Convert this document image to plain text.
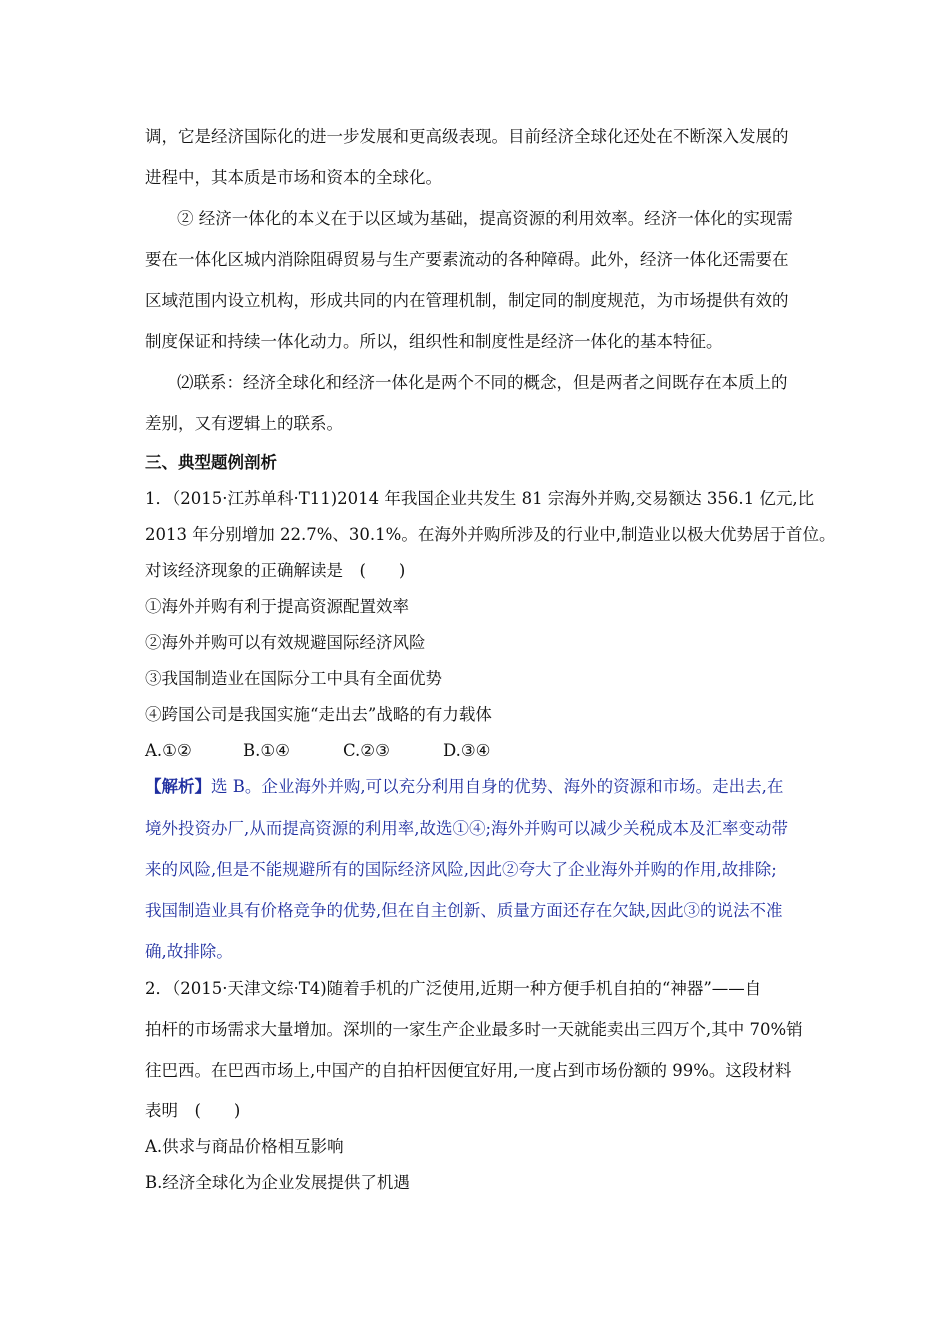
调，它是经济国际化的进一步发展和更高级表现。目前经济全球化还处在不断深入发展的
进程中，其本质是市场和资本的全球化。
② 经济一体化的本义在于以区域为基础，提高资源的利用效率。经济一体化的实现需
要在一体化区城内消除阻碍贸易与生产要素流动的各种障碍。此外，经济一体化还需要在
区域范围内设立机构，形成共同的内在管理机制，制定同的制度规范，为市场提供有效的
制度保证和持续一体化动力。所以，组织性和制度性是经济一体化的基本特征。
⑵联系：经济全球化和经济一体化是两个不同的概念，但是两者之间既存在本质上的
差别，又有逻辑上的联系。
三、典型题例剖析
1．（2015·江苏单科·T11)2014 年我国企业共发生 81 宗海外并购,交易额达 356.1 亿元,比
2013 年分别增加 22.7%、30.1%。在海外并购所涉及的行业中,制造业以极大优势居于首位。
对该经济现象的正确解读是　(　　)
①海外并购有利于提高资源配置效率
②海外并购可以有效规避国际经济风险
③我国制造业在国际分工中具有全面优势
④跨国公司是我国实施“走出去”战略的有力载体
A.①②	B.①④	C.②③	D.③④
【解析】选 B。企业海外并购,可以充分利用自身的优势、海外的资源和市场。走出去,在
境外投资办厂,从而提高资源的利用率,故选①④;海外并购可以减少关税成本及汇率变动带
来的风险,但是不能规避所有的国际经济风险,因此②夸大了企业海外并购的作用,故排除;
我国制造业具有价格竞争的优势,但在自主创新、质量方面还存在欠缺,因此③的说法不准
确,故排除。
2．（2015·天津文综·T4)随着手机的广泛使用,近期一种方便手机自拍的“神器”——自
拍杆的市场需求大量增加。深圳的一家生产企业最多时一天就能卖出三四万个,其中 70%销
往巴西。在巴西市场上,中国产的自拍杆因便宜好用,一度占到市场份额的 99%。这段材料
表明　(　　)
A.供求与商品价格相互影响
B.经济全球化为企业发展提供了机遇
